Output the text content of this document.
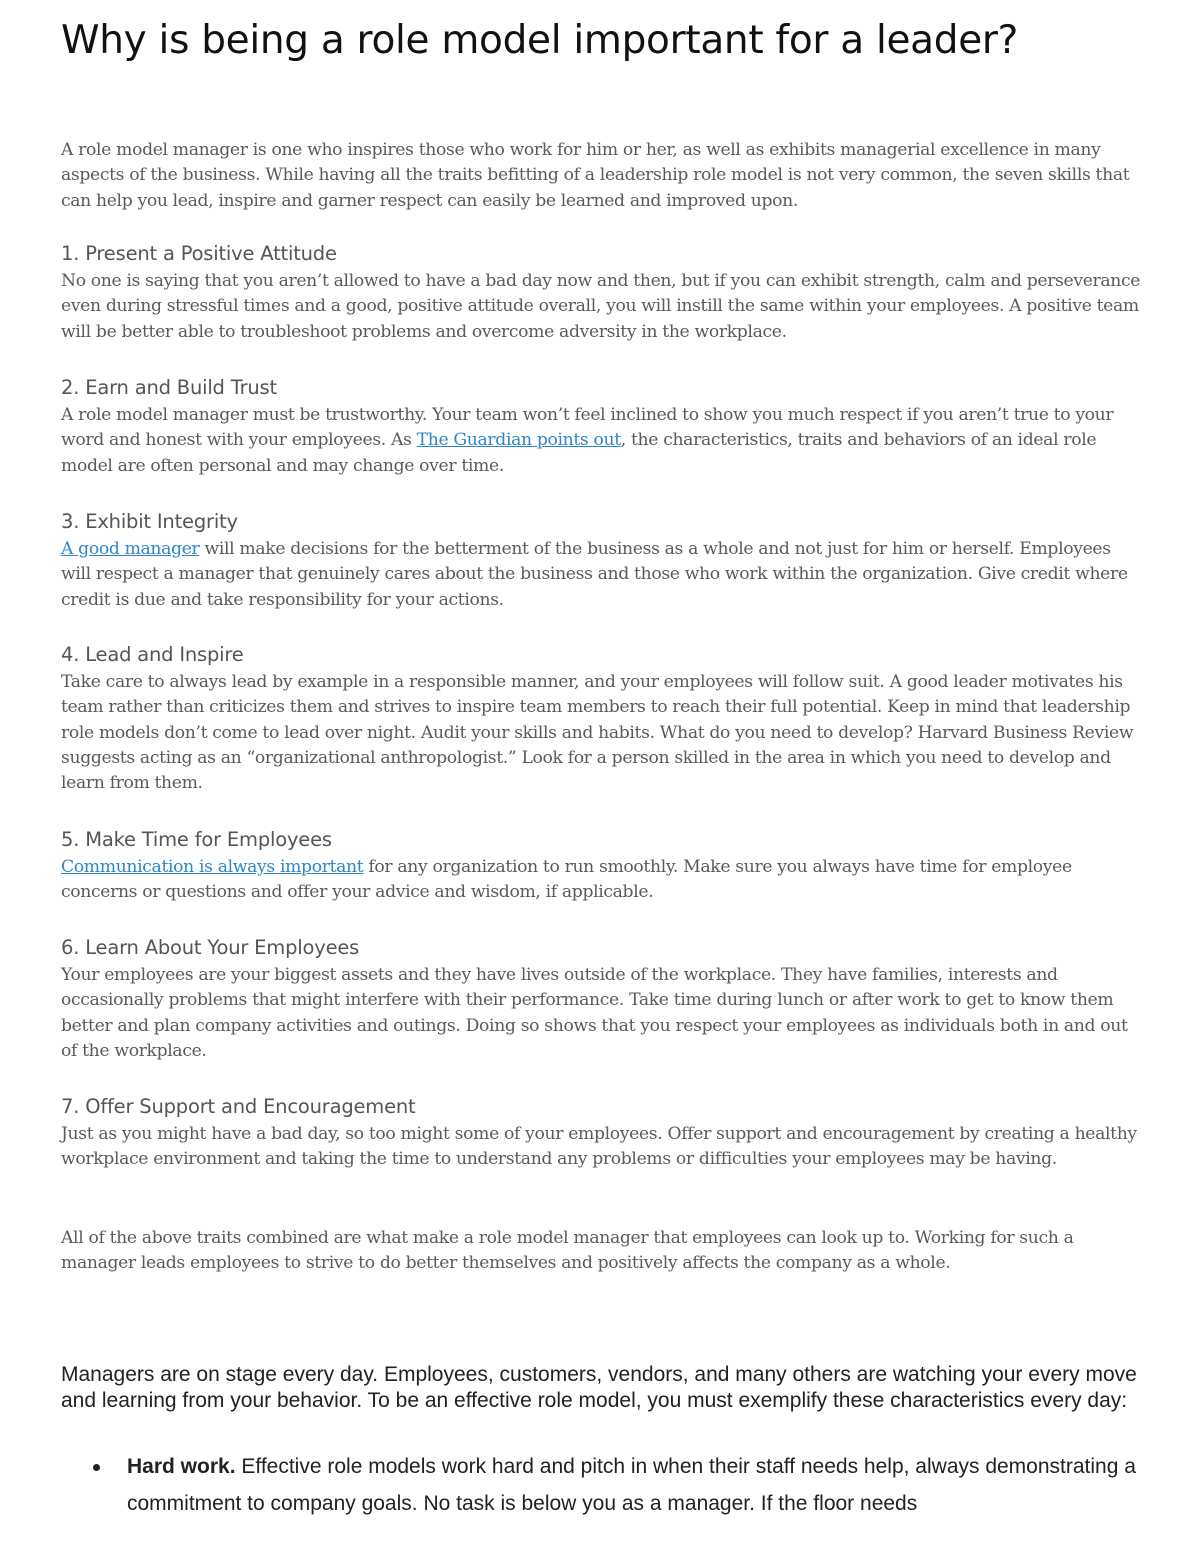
Why is being a role model important for a leader?

A role model manager is one who inspires those who work for him or her, as well as exhibits managerial excellence in many aspects of the business. While having all the traits befitting of a leadership role model is not very common, the seven skills that can help you lead, inspire and garner respect can easily be learned and improved upon.

1. Present a Positive Attitude

No one is saying that you aren’t allowed to have a bad day now and then, but if you can exhibit strength, calm and perseverance even during stressful times and a good, positive attitude overall, you will instill the same within your employees. A positive team will be better able to troubleshoot problems and overcome adversity in the workplace.

2. Earn and Build Trust

A role model manager must be trustworthy. Your team won’t feel inclined to show you much respect if you aren’t true to your word and honest with your employees. As The Guardian points out, the characteristics, traits and behaviors of an ideal role model are often personal and may change over time.

3. Exhibit Integrity

A good manager will make decisions for the betterment of the business as a whole and not just for him or herself. Employees will respect a manager that genuinely cares about the business and those who work within the organization. Give credit where credit is due and take responsibility for your actions.

4. Lead and Inspire

Take care to always lead by example in a responsible manner, and your employees will follow suit. A good leader motivates his team rather than criticizes them and strives to inspire team members to reach their full potential. Keep in mind that leadership role models don’t come to lead over night. Audit your skills and habits. What do you need to develop? Harvard Business Review suggests acting as an “organizational anthropologist.” Look for a person skilled in the area in which you need to develop and learn from them.

5. Make Time for Employees

Communication is always important for any organization to run smoothly. Make sure you always have time for employee concerns or questions and offer your advice and wisdom, if applicable.

6. Learn About Your Employees

Your employees are your biggest assets and they have lives outside of the workplace. They have families, interests and occasionally problems that might interfere with their performance. Take time during lunch or after work to get to know them better and plan company activities and outings. Doing so shows that you respect your employees as individuals both in and out of the workplace.

7. Offer Support and Encouragement

Just as you might have a bad day, so too might some of your employees. Offer support and encouragement by creating a healthy workplace environment and taking the time to understand any problems or difficulties your employees may be having.

All of the above traits combined are what make a role model manager that employees can look up to. Working for such a manager leads employees to strive to do better themselves and positively affects the company as a whole.

Managers are on stage every day. Employees, customers, vendors, and many others are watching your every move and learning from your behavior. To be an effective role model, you must exemplify these characteristics every day:

Hard work. Effective role models work hard and pitch in when their staff needs help, always demonstrating a commitment to company goals. No task is below you as a manager. If the floor needs
